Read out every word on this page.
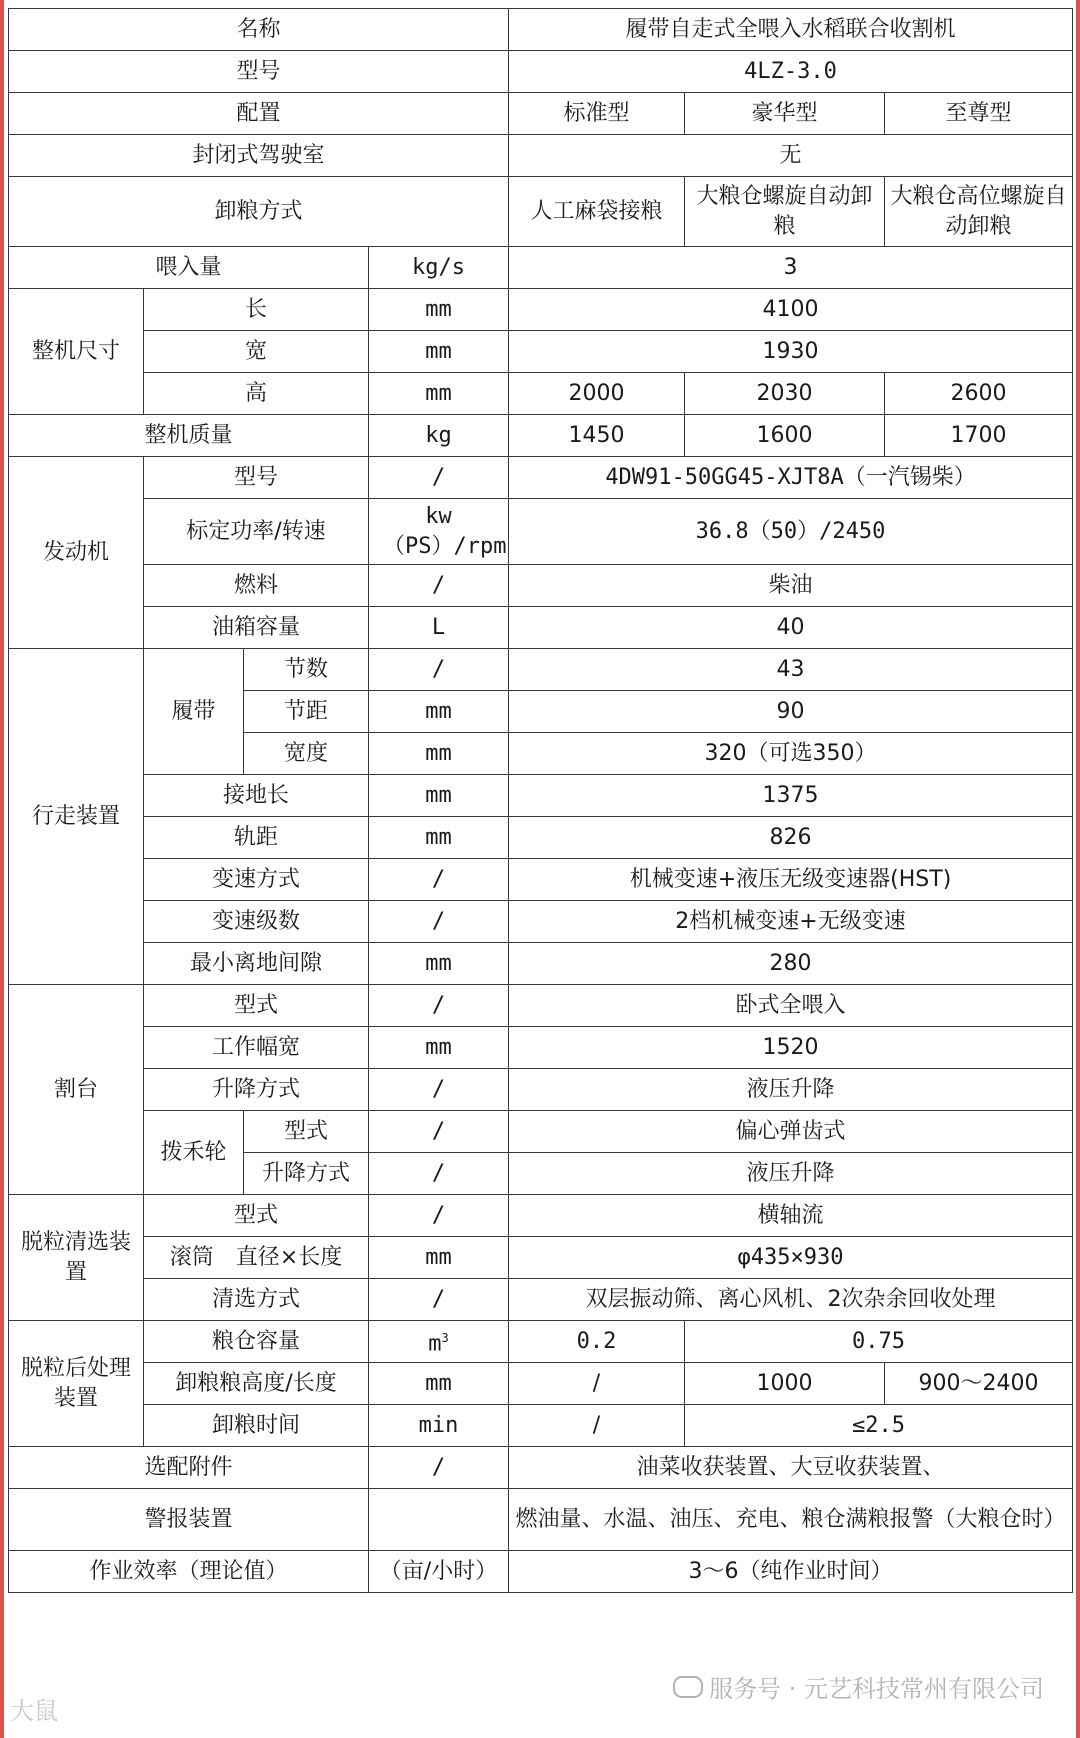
名称				履带自走式全喂入水稻联合收割机		
型号				4LZ-3.0		
配置				标准型	豪华型	至尊型
封闭式驾驶室				无		
卸粮方式				人工麻袋接粮	大粮仓螺旋自动卸粮	大粮仓高位螺旋自动卸粮
喂入量			kg/s	3		
整机尺寸	长		mm	4100		
	宽		mm	1930		
	高		mm	2000	2030	2600
整机质量			kg	1450	1600	1700
发动机	型号		/	4DW91-50GG45-XJT8A（一汽锡柴）		
	标定功率/转速		kw（PS）/rpm	36.8（50）/2450		
	燃料		/	柴油		
	油箱容量		L	40		
行走装置	履带	节数	/	43		
		节距	mm	90		
		宽度	mm	320（可选350）		
	接地长		mm	1375		
	轨距		mm	826		
	变速方式		/	机械变速+液压无级变速器(HST)		
	变速级数		/	2档机械变速+无级变速		
	最小离地间隙		mm	280		
割台	型式		/	卧式全喂入		
	工作幅宽		mm	1520		
	升降方式		/	液压升降		
	拨禾轮	型式	/	偏心弹齿式		
		升降方式	/	液压升降		
脱粒清选装置	型式		/	横轴流		
	滚筒　直径×长度		mm	φ435×930		
	清选方式		/	双层振动筛、离心风机、2次杂余回收处理		
脱粒后处理装置	粮仓容量		$m^3$	0.2	0.75	
	卸粮粮高度/长度		mm	/	1000	900～2400
	卸粮时间		min	/	≤2.5	
选配附件			/	油菜收获装置、大豆收获装置、		
警报装置				燃油量、水温、油压、充电、粮仓满粮报警（大粮仓时）		
作业效率（理论值）			（亩/小时）	3～6（纯作业时间）		
服务号 · 元艺科技常州有限公司
大鼠
